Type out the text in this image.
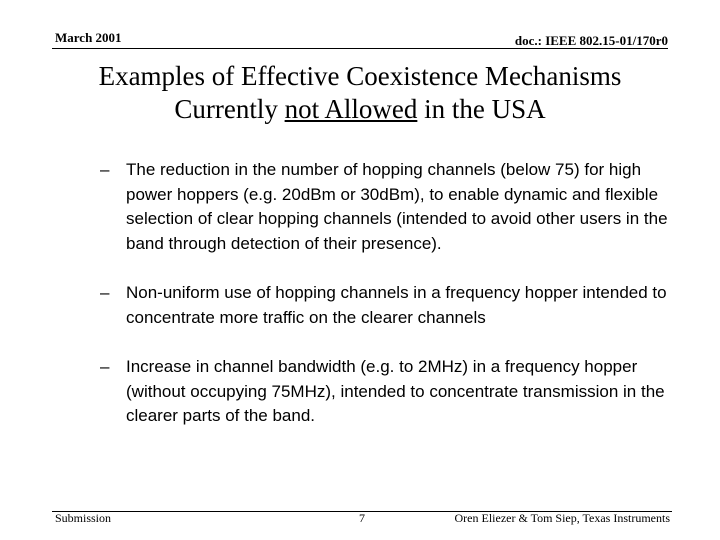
March 2001	doc.: IEEE 802.15-01/170r0
Examples of Effective Coexistence Mechanisms
Currently not Allowed in the USA
– The reduction in the number of hopping channels (below 75) for high power hoppers (e.g. 20dBm or 30dBm), to enable dynamic and flexible selection of clear hopping channels (intended to avoid other users in the band through detection of their presence).
– Non-uniform use of hopping channels in a frequency hopper intended to concentrate more traffic on the clearer channels
– Increase in channel bandwidth (e.g. to 2MHz) in a frequency hopper (without occupying 75MHz), intended to concentrate transmission in the clearer parts of the band.
Submission	7	Oren Eliezer & Tom Siep, Texas Instruments
